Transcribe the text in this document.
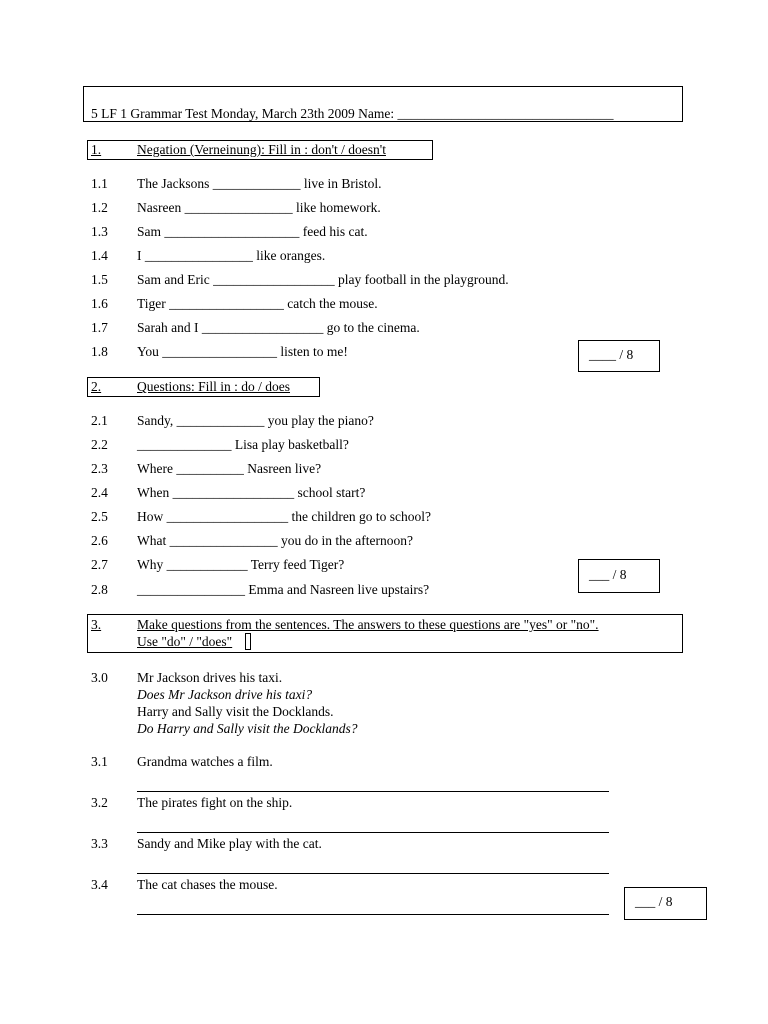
5 LF 1 Grammar Test Monday, March 23th 2009 Name: ________________________________
1.	Negation (Verneinung): Fill in : don't / doesn't
1.1 The Jacksons _____________ live in Bristol.
1.2 Nasreen ________________ like homework.
1.3 Sam ____________________ feed his cat.
1.4 I ________________ like oranges.
1.5 Sam and Eric __________________ play football in the playground.
1.6 Tiger _________________ catch the mouse.
1.7 Sarah and I __________________ go to the cinema.
1.8 You _________________ listen to me!	____ / 8
2.	Questions: Fill in : do / does
2.1 Sandy, _____________ you play the piano?
2.2 ______________ Lisa play basketball?
2.3 Where __________ Nasreen live?
2.4 When __________________ school start?
2.5 How __________________ the children go to school?
2.6 What ________________ you do in the afternoon?
2.7 Why ____________ Terry feed Tiger?
2.8 ________________ Emma and Nasreen live upstairs?
___ / 8
3.	Make questions from the sentences. The answers to these questions are "yes" or "no".
Use "do" / "does"
3.0 Mr Jackson drives his taxi.
Does Mr Jackson drive his taxi?
Harry and Sally visit the Docklands.
Do Harry and Sally visit the Docklands?
3.1 Grandma watches a film.
3.2 The pirates fight on the ship.
3.3 Sandy and Mike play with the cat.
3.4 The cat chases the mouse.
___ / 8
